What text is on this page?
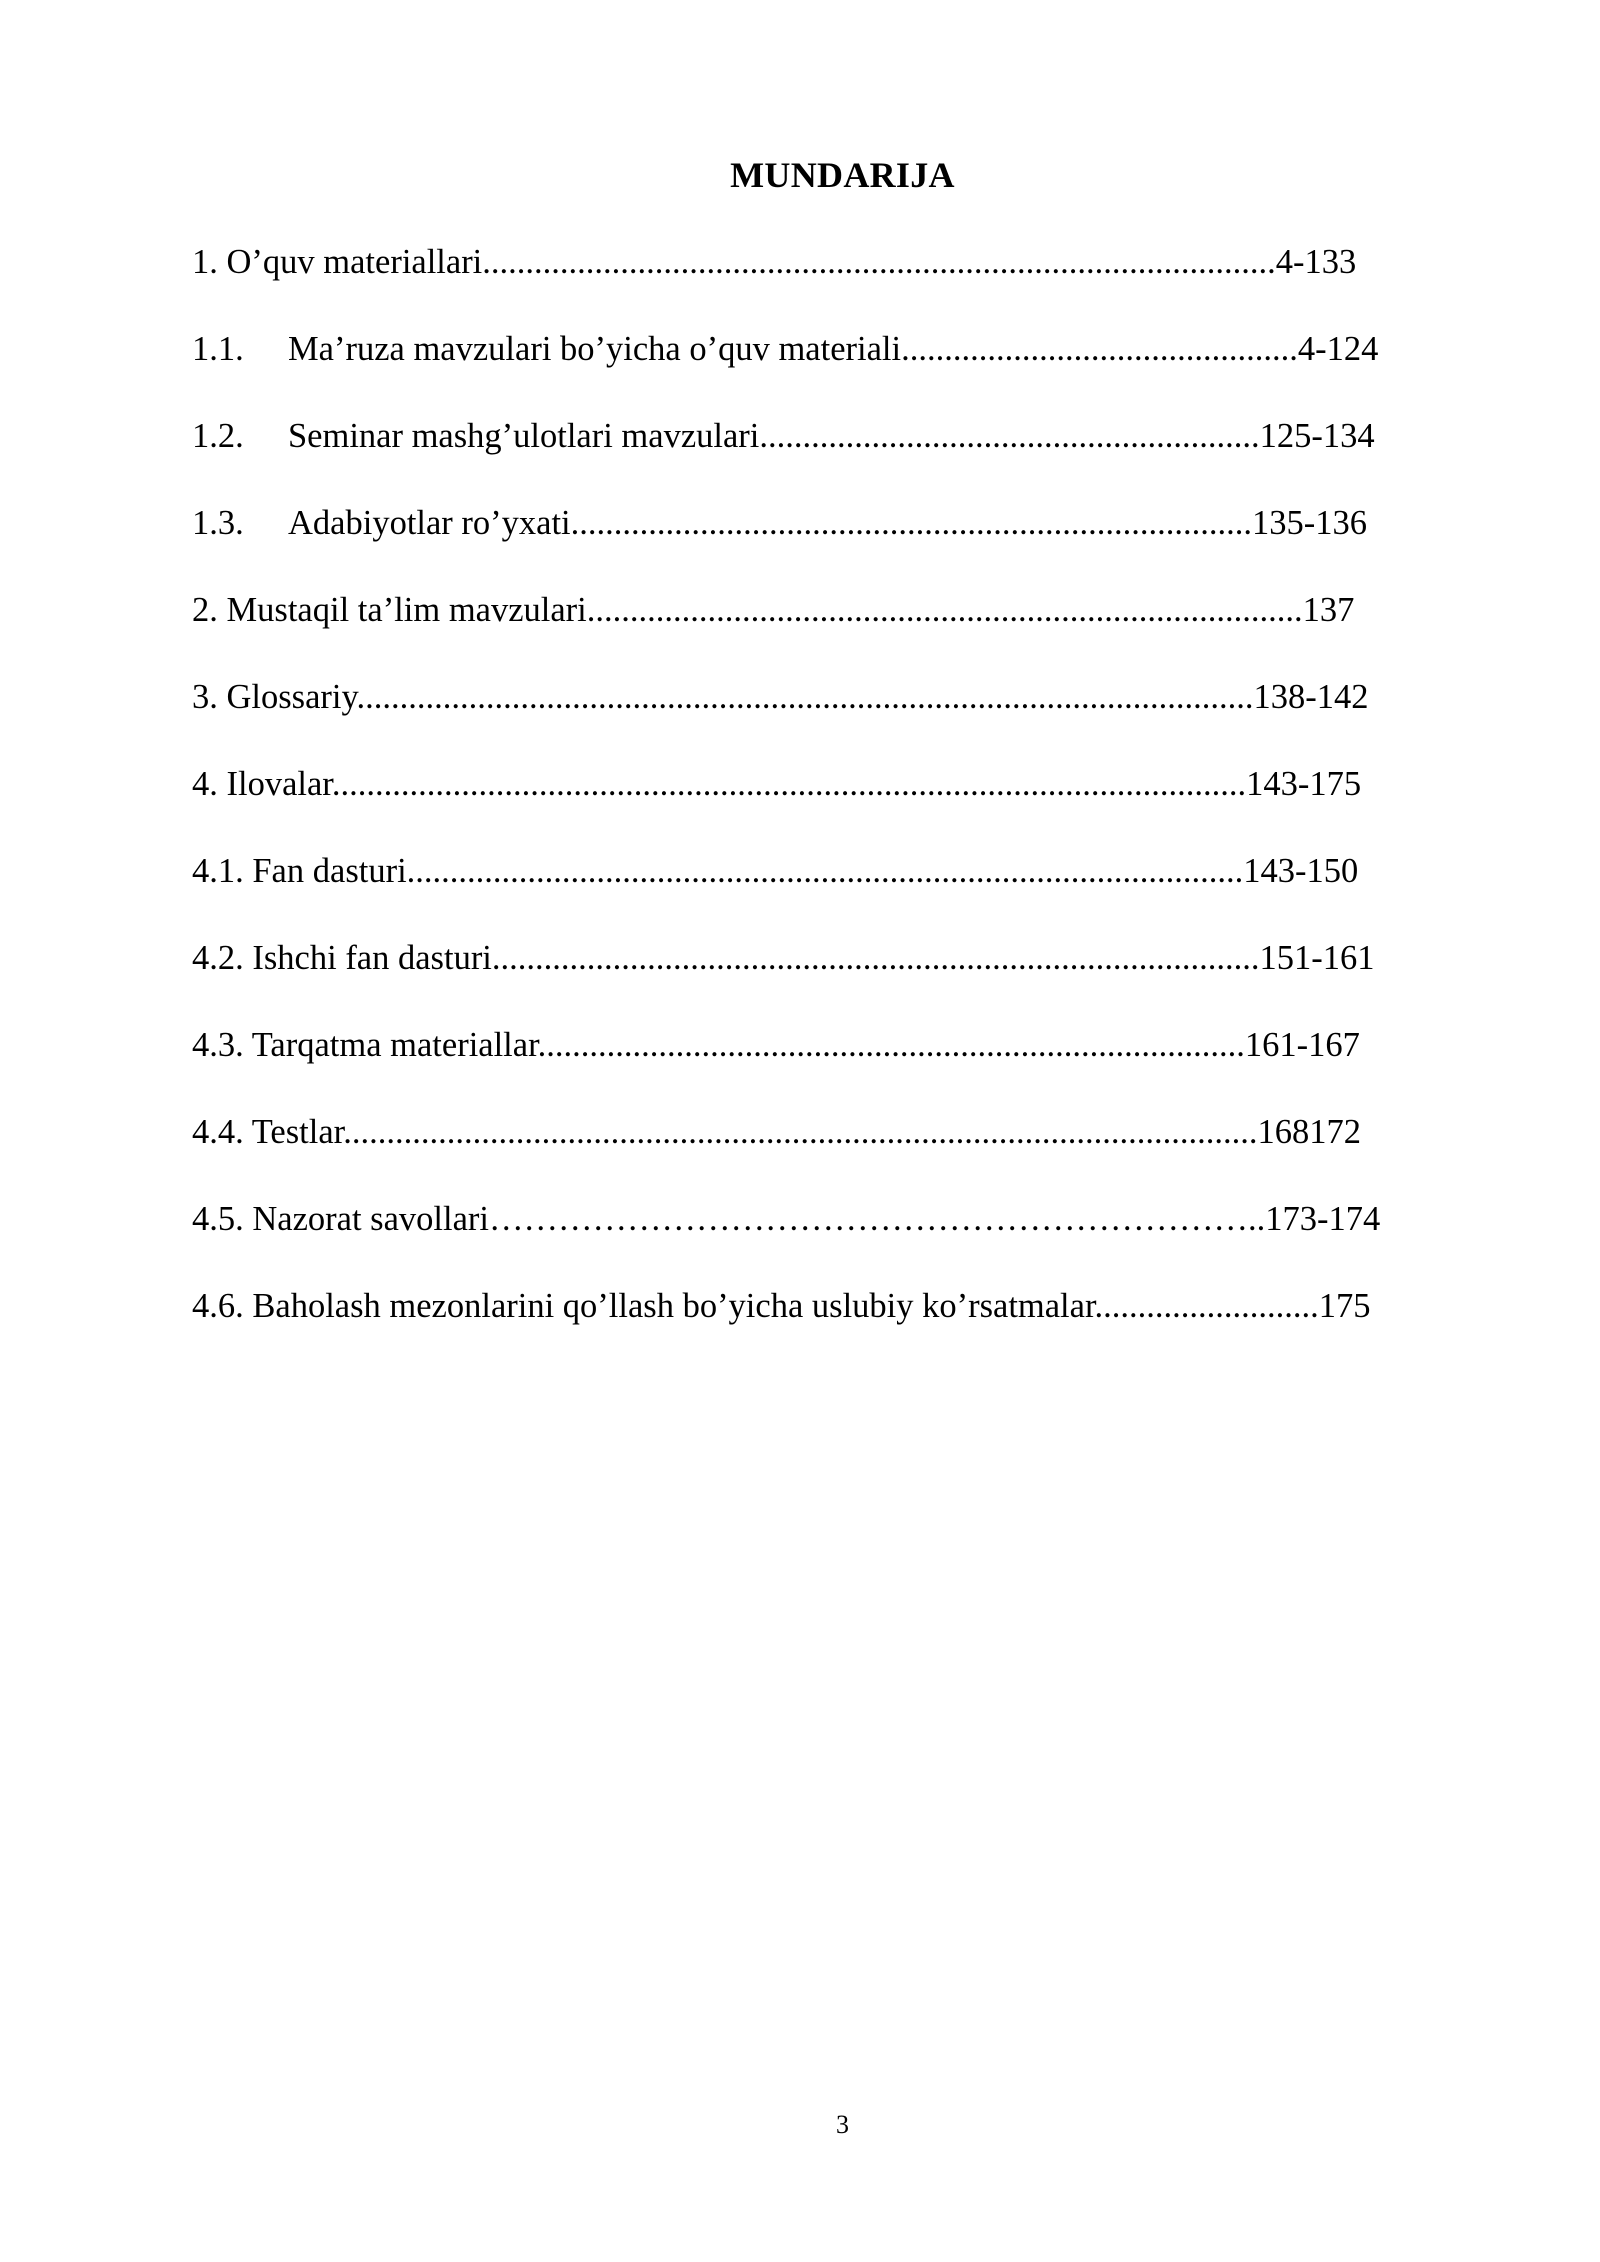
MUNDARIJA
1. O’quv materiallari............................................................................................4-133
1.1. Ma’ruza mavzulari bo’yicha o’quv materiali..............................................4-124
1.2. Seminar mashg’ulotlari mavzulari..........................................................125-134
1.3. Adabiyotlar ro’yxati...............................................................................135-136
2. Mustaqil ta’lim mavzulari...................................................................................137
3. Glossariy........................................................................................................138-142
4. Ilovalar..........................................................................................................143-175
4.1. Fan dasturi.................................................................................................143-150
4.2. Ishchi fan dasturi.........................................................................................151-161
4.3. Tarqatma materiallar..................................................................................161-167
4.4. Testlar..........................................................................................................168172
4.5. Nazorat savollari…………………………………………………………..173-174
4.6. Baholash mezonlarini qo’llash bo’yicha uslubiy ko’rsatmalar..........................175
3
